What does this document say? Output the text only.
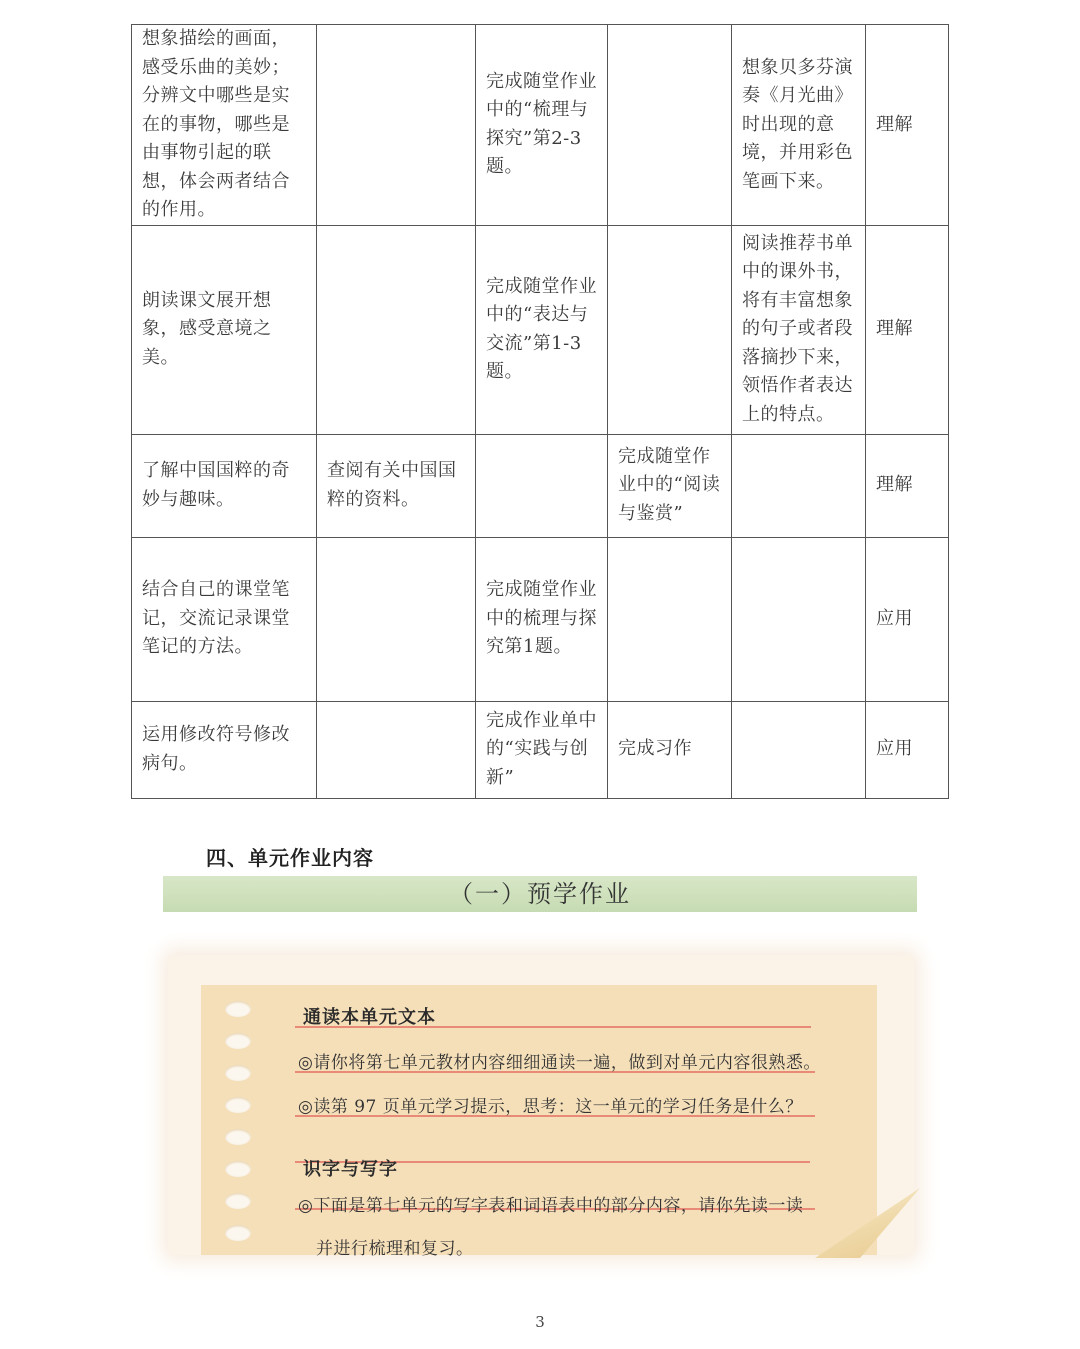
想象描绘的画面，感受乐曲的美妙；分辨文中哪些是实在的事物，哪些是由事物引起的联想，体会两者结合的作用。		完成随堂作业中的“梳理与探究”第2-3题。		想象贝多芬演奏《月光曲》时出现的意境，并用彩色笔画下来。	理解
朗读课文展开想象，感受意境之美。		完成随堂作业中的“表达与交流”第1-3题。		阅读推荐书单中的课外书，将有丰富想象的句子或者段落摘抄下来，领悟作者表达上的特点。	理解
了解中国国粹的奇妙与趣味。	查阅有关中国国粹的资料。		完成随堂作业中的“阅读与鉴赏”		理解
结合自己的课堂笔记，交流记录课堂笔记的方法。		完成随堂作业中的梳理与探究第1题。			应用
运用修改符号修改病句。		完成作业单中的“实践与创新”	完成习作		应用
四、单元作业内容
（一）预学作业
通读本单元文本
◎请你将第七单元教材内容细细通读一遍，做到对单元内容很熟悉。
◎读第 97 页单元学习提示，思考：这一单元的学习任务是什么？
识字与写字
◎下面是第七单元的写字表和词语表中的部分内容，请你先读一读
并进行梳理和复习。
3
